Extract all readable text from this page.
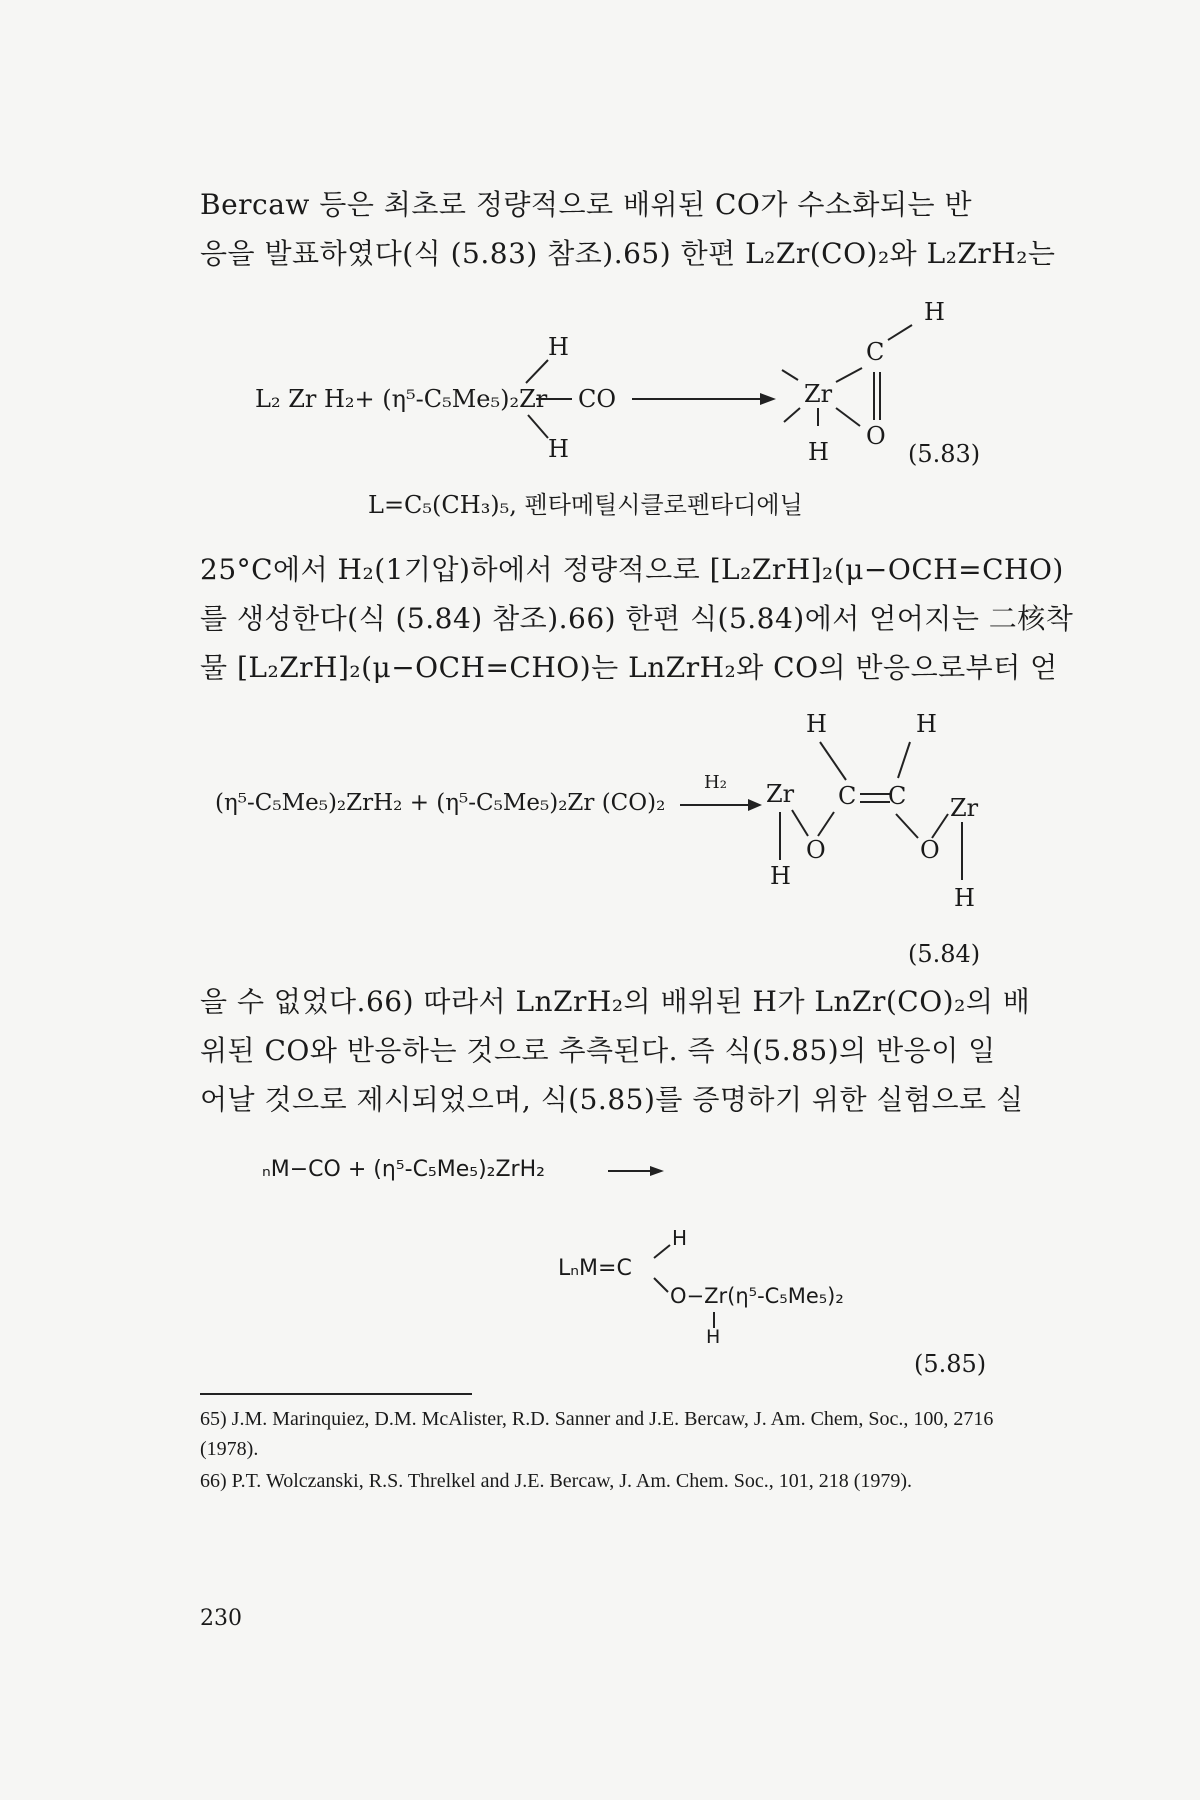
Bercaw 등은 최초로 정량적으로 배위된 CO가 수소화되는 반
응을 발표하였다(식 (5.83) 참조).65) 한편 L₂Zr(CO)₂와 L₂ZrH₂는
L₂ Zr H₂+ (η⁵-C₅Me₅)₂Zr CO
H
H
Zr
C
O
H
H	(5.83)
L=C₅(CH₃)₅, 펜타메틸시클로펜타디에닐
25°C에서 H₂(1기압)하에서 정량적으로 [L₂ZrH]₂(μ−OCH=CHO)
를 생성한다(식 (5.84) 참조).66) 한편 식(5.84)에서 얻어지는 二核착
물 [L₂ZrH]₂(μ−OCH=CHO)는 LnZrH₂와 CO의 반응으로부터 얻
(η⁵-C₅Me₅)₂ZrH₂ + (η⁵-C₅Me₅)₂Zr (CO)₂
H₂ Zr C C Zr
O	O
H	H
H
H
(5.84)
을 수 없었다.66) 따라서 LnZrH₂의 배위된 H가 LnZr(CO)₂의 배
위된 CO와 반응하는 것으로 추측된다. 즉 식(5.85)의 반응이 일
어날 것으로 제시되었으며, 식(5.85)를 증명하기 위한 실험으로 실
ₙM−CO + (η⁵-C₅Me₅)₂ZrH₂
LₙM=C
H
O−Zr(η⁵-C₅Me₅)₂
H
(5.85)
65) J.M. Marinquiez, D.M. McAlister, R.D. Sanner and J.E. Bercaw, J. Am. Chem, Soc., 100, 2716 (1978).
66) P.T. Wolczanski, R.S. Threlkel and J.E. Bercaw, J. Am. Chem. Soc., 101, 218 (1979).
230
